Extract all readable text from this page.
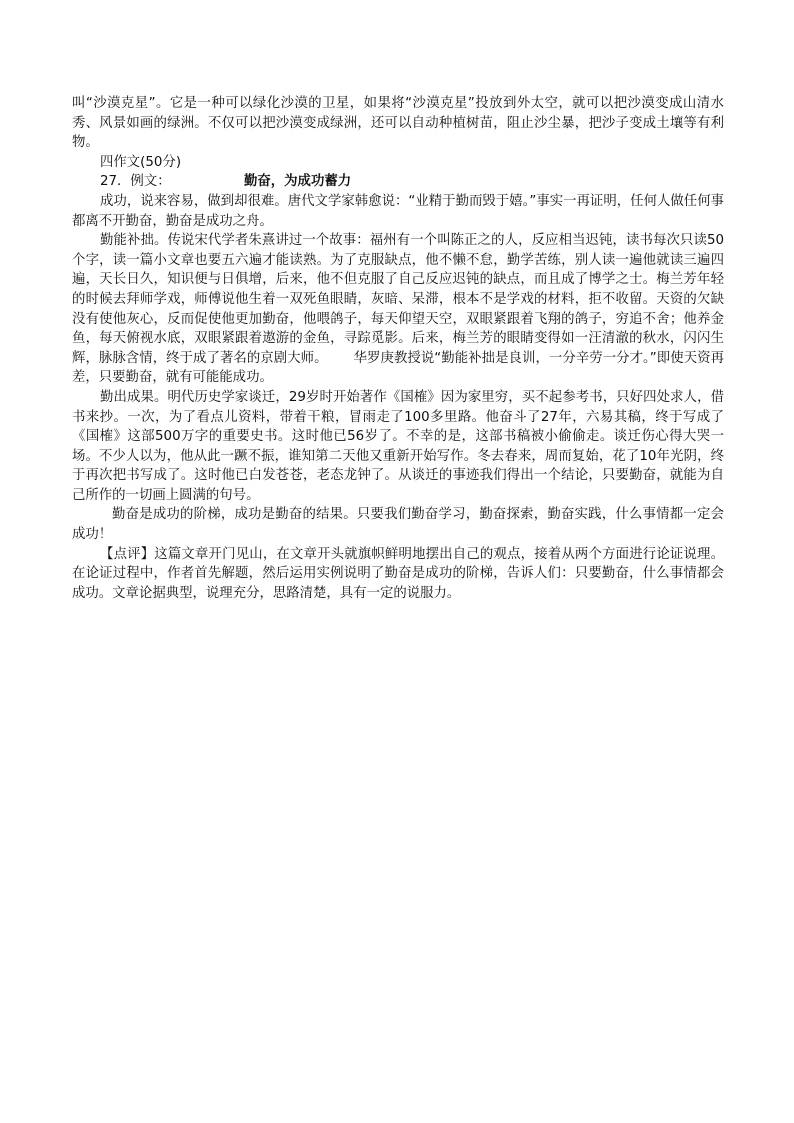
叫“沙漠克星”。它是一种可以绿化沙漠的卫星，如果将“沙漠克星”投放到外太空，就可以把沙漠变成山清水秀、风景如画的绿洲。不仅可以把沙漠变成绿洲，还可以自动种植树苗，阻止沙尘暴，把沙子变成土壤等有利物。

四作文(50分)

27．例文：	勤奋，为成功蓄力

成功，说来容易，做到却很难。唐代文学家韩愈说：“业精于勤而毁于嬉。”事实一再证明，任何人做任何事都离不开勤奋，勤奋是成功之舟。

勤能补拙。传说宋代学者朱熹讲过一个故事：福州有一个叫陈正之的人，反应相当迟钝，读书每次只读50个字，读一篇小文章也要五六遍才能读熟。为了克服缺点，他不懒不怠，勤学苦练，别人读一遍他就读三遍四遍，天长日久，知识便与日俱增，后来，他不但克服了自己反应迟钝的缺点，而且成了博学之士。梅兰芳年轻的时候去拜师学戏，师傅说他生着一双死鱼眼睛，灰暗、呆滞，根本不是学戏的材料，拒不收留。天资的欠缺没有使他灰心，反而促使他更加勤奋，他喂鸽子，每天仰望天空，双眼紧跟着飞翔的鸽子，穷追不舍；他养金鱼，每天俯视水底，双眼紧跟着遨游的金鱼，寻踪觅影。后来，梅兰芳的眼睛变得如一汪清澈的秋水，闪闪生辉，脉脉含情，终于成了著名的京剧大师。 华罗庚教授说“勤能补拙是良训，一分辛劳一分才。”即使天资再差，只要勤奋，就有可能能成功。

勤出成果。明代历史学家谈迁，29岁时开始著作《国榷》因为家里穷，买不起参考书，只好四处求人，借书来抄。一次，为了看点儿资料，带着干粮，冒雨走了100多里路。他奋斗了27年，六易其稿，终于写成了《国榷》这部500万字的重要史书。这时他已56岁了。不幸的是，这部书稿被小偷偷走。谈迁伤心得大哭一场。不少人以为，他从此一蹶不振，谁知第二天他又重新开始写作。冬去春来，周而复始，花了10年光阴，终于再次把书写成了。这时他已白发苍苍，老态龙钟了。从谈迁的事迹我们得出一个结论，只要勤奋，就能为自己所作的一切画上圆满的句号。

勤奋是成功的阶梯，成功是勤奋的结果。只要我们勤奋学习，勤奋探索，勤奋实践，什么事情都一定会成功！

【点评】这篇文章开门见山，在文章开头就旗帜鲜明地摆出自己的观点，接着从两个方面进行论证说理。在论证过程中，作者首先解题，然后运用实例说明了勤奋是成功的阶梯，告诉人们：只要勤奋，什么事情都会成功。文章论据典型，说理充分，思路清楚，具有一定的说服力。
